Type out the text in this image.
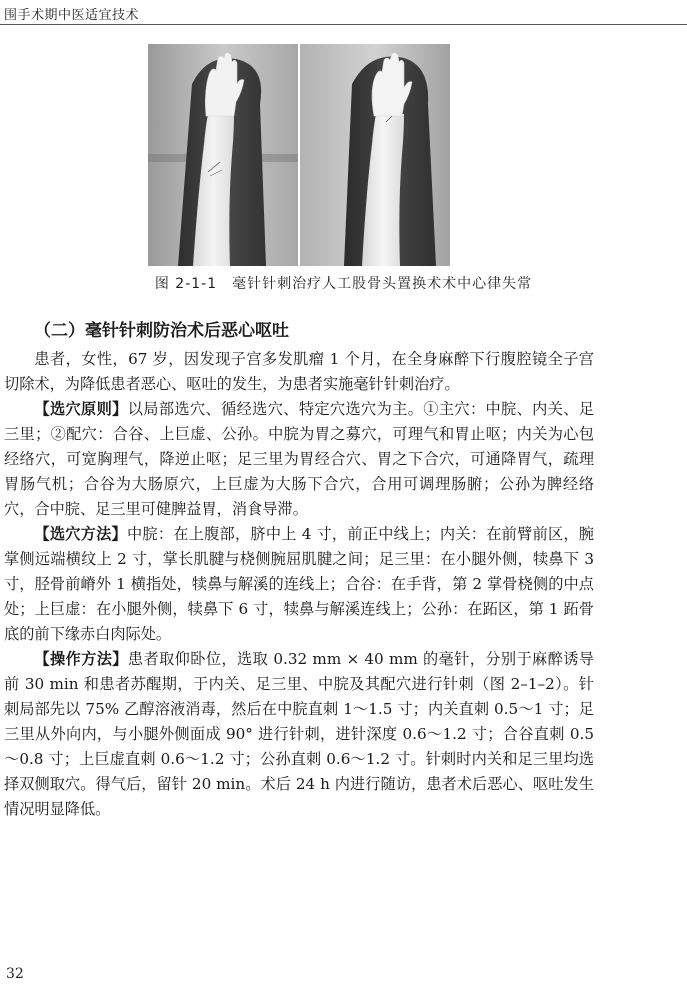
围手术期中医适宜技术
图 2-1-1　 毫针针刺治疗人工股骨头置换术术中心律失常
（二）毫针针刺防治术后恶心呕吐

患者，女性，67 岁，因发现子宫多发肌瘤 1 个月，在全身麻醉下行腹腔镜全子宫切除术，为降低患者恶心、呕吐的发生，为患者实施毫针针刺治疗。

【选穴原则】以局部选穴、循经选穴、特定穴选穴为主。①主穴：中脘、内关、足三里；②配穴：合谷、上巨虚、公孙。中脘为胃之募穴，可理气和胃止呕；内关为心包经络穴，可宽胸理气，降逆止呕；足三里为胃经合穴、胃之下合穴，可通降胃气，疏理胃肠气机；合谷为大肠原穴，上巨虚为大肠下合穴，合用可调理肠腑；公孙为脾经络穴，合中脘、足三里可健脾益胃，消食导滞。

【选穴方法】中脘：在上腹部，脐中上 4 寸，前正中线上；内关：在前臂前区，腕掌侧远端横纹上 2 寸，掌长肌腱与桡侧腕屈肌腱之间；足三里：在小腿外侧，犊鼻下 3 寸，胫骨前嵴外 1 横指处，犊鼻与解溪的连线上；合谷：在手背，第 2 掌骨桡侧的中点处；上巨虚：在小腿外侧，犊鼻下 6 寸，犊鼻与解溪连线上；公孙：在跖区，第 1 跖骨底的前下缘赤白肉际处。

【操作方法】患者取仰卧位，选取 0.32 mm × 40 mm 的毫针，分别于麻醉诱导前 30 min 和患者苏醒期，于内关、足三里、中脘及其配穴进行针刺（图 2–1–2）。针刺局部先以 75% 乙醇溶液消毒，然后在中脘直刺 1～1.5 寸；内关直刺 0.5～1 寸；足三里从外向内，与小腿外侧面成 90° 进行针刺，进针深度 0.6～1.2 寸；合谷直刺 0.5～0.8 寸；上巨虚直刺 0.6～1.2 寸；公孙直刺 0.6～1.2 寸。针刺时内关和足三里均选择双侧取穴。得气后，留针 20 min。术后 24 h 内进行随访，患者术后恶心、呕吐发生情况明显降低。

32
